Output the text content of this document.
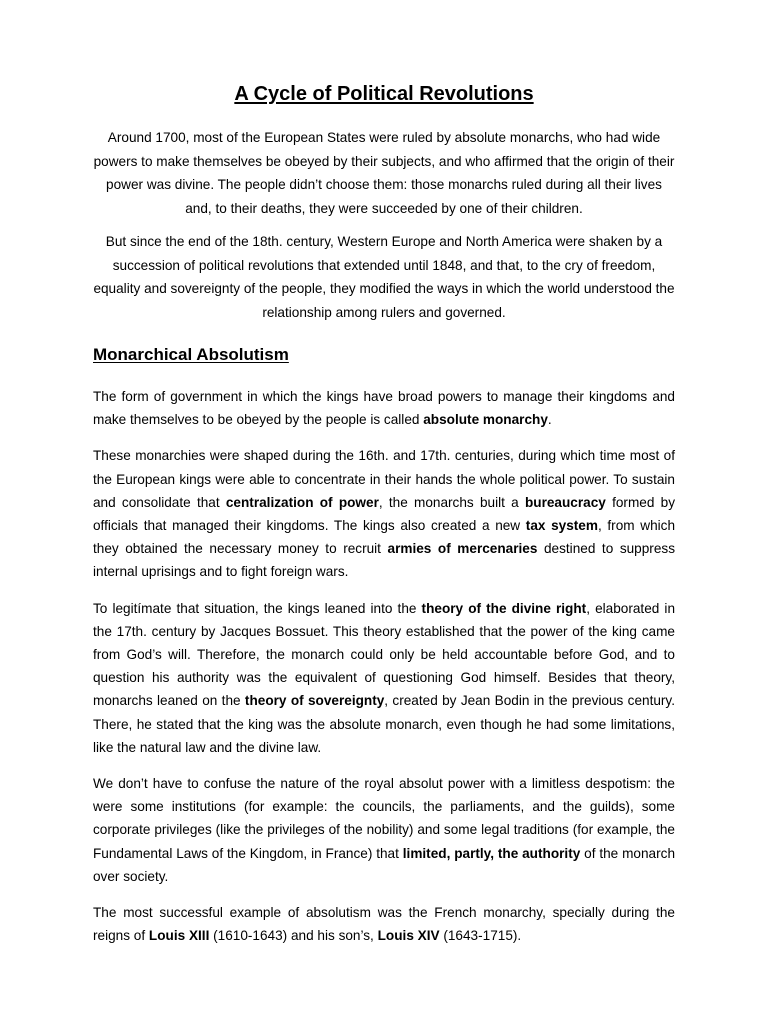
A Cycle of Political Revolutions

Around 1700, most of the European States were ruled by absolute monarchs, who had wide powers to make themselves be obeyed by their subjects, and who affirmed that the origin of their power was divine. The people didn’t choose them: those monarchs ruled during all their lives and, to their deaths, they were succeeded by one of their children.

But since the end of the 18th. century, Western Europe and North America were shaken by a succession of political revolutions that extended until 1848, and that, to the cry of freedom, equality and sovereignty of the people, they modified the ways in which the world understood the relationship among rulers and governed.

Monarchical Absolutism

The form of government in which the kings have broad powers to manage their kingdoms and make themselves to be obeyed by the people is called absolute monarchy.

These monarchies were shaped during the 16th. and 17th. centuries, during which time most of the European kings were able to concentrate in their hands the whole political power. To sustain and consolidate that centralization of power, the monarchs built a bureaucracy formed by officials that managed their kingdoms. The kings also created a new tax system, from which they obtained the necessary money to recruit armies of mercenaries destined to suppress internal uprisings and to fight foreign wars.

To legitímate that situation, the kings leaned into the theory of the divine right, elaborated in the 17th. century by Jacques Bossuet. This theory established that the power of the king came from God’s will. Therefore, the monarch could only be held accountable before God, and to question his authority was the equivalent of questioning God himself. Besides that theory, monarchs leaned on the theory of sovereignty, created by Jean Bodin in the previous century. There, he stated that the king was the absolute monarch, even though he had some limitations, like the natural law and the divine law.

We don’t have to confuse the nature of the royal absolut power with a limitless despotism: the were some institutions (for example: the councils, the parliaments, and the guilds), some corporate privileges (like the privileges of the nobility) and some legal traditions (for example, the Fundamental Laws of the Kingdom, in France) that limited, partly, the authority of the monarch over society.

The most successful example of absolutism was the French monarchy, specially during the reigns of Louis XIII (1610-1643) and his son’s, Louis XIV (1643-1715).
